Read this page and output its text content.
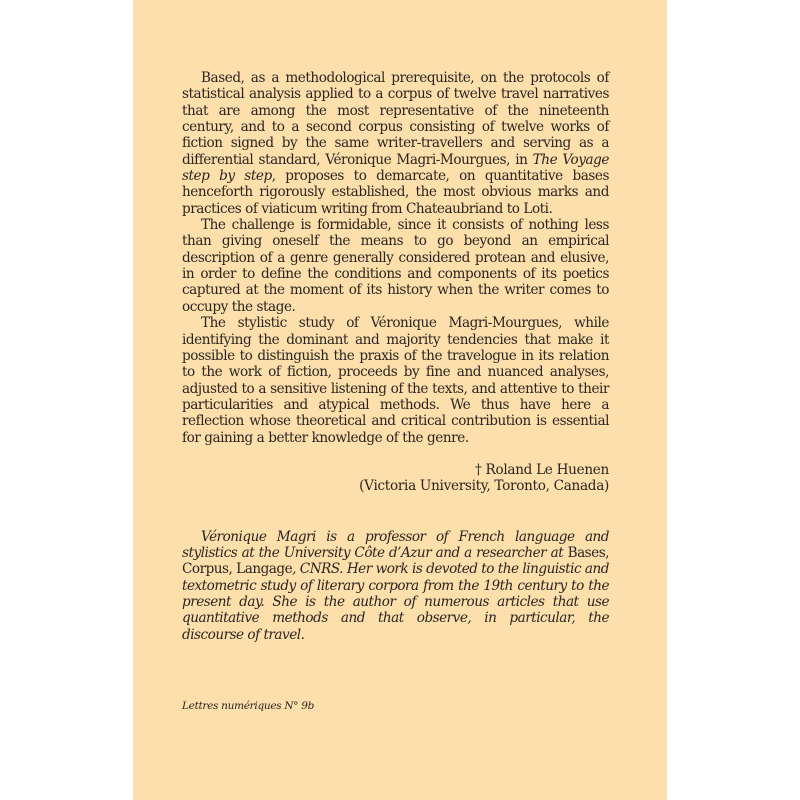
Based, as a methodological prerequisite, on the protocols of statistical analysis applied to a corpus of twelve travel narratives that are among the most representative of the nineteenth century, and to a second corpus consisting of twelve works of fiction signed by the same writer-travellers and serving as a differential standard, Véronique Magri-Mourgues, in The Voyage step by step, proposes to demarcate, on quantitative bases henceforth rigorously established, the most obvious marks and practices of viaticum writing from Chateaubriand to Loti.

The challenge is formidable, since it consists of nothing less than giving oneself the means to go beyond an empirical description of a genre generally considered protean and elusive, in order to define the conditions and components of its poetics captured at the moment of its history when the writer comes to occupy the stage.

The stylistic study of Véronique Magri-Mourgues, while identifying the dominant and majority tendencies that make it possible to distinguish the praxis of the travelogue in its relation to the work of fiction, proceeds by fine and nuanced analyses, adjusted to a sensitive listening of the texts, and attentive to their particularities and atypical methods. We thus have here a reflection whose theoretical and critical contribution is essential for gaining a better knowledge of the genre.

† Roland Le Huenen
(Victoria University, Toronto, Canada)

Véronique Magri is a professor of French language and stylistics at the University Côte d’Azur and a researcher at Bases, Corpus, Langage, CNRS. Her work is devoted to the linguistic and textometric study of literary corpora from the 19th century to the present day. She is the author of numerous articles that use quantitative methods and that observe, in particular, the discourse of travel.

Lettres numériques N° 9b
